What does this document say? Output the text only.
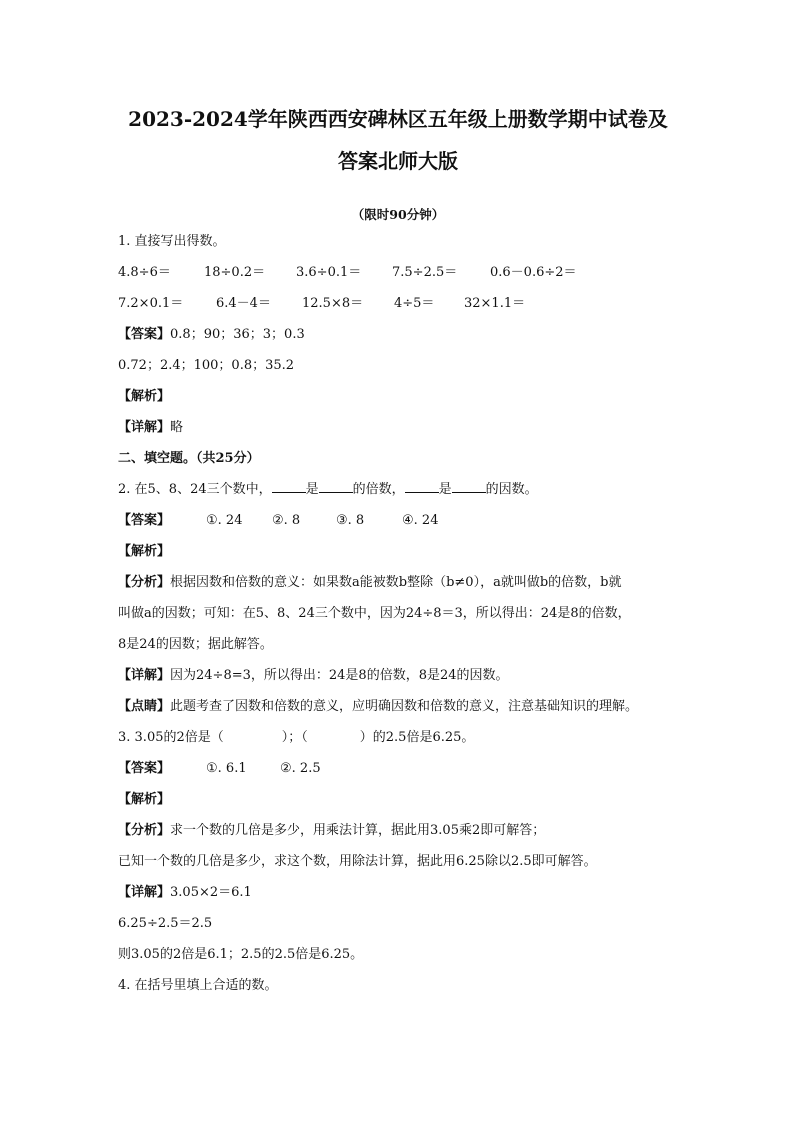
2023-2024学年陕西西安碑林区五年级上册数学期中试卷及
答案北师大版
（限时90分钟）
1. 直接写出得数。
4.8÷6＝	18÷0.2＝	3.6÷0.1＝	7.5÷2.5＝	0.6－0.6÷2＝
7.2×0.1＝	6.4－4＝	12.5×8＝	4÷5＝	32×1.1＝
【答案】0.8；90；36；3；0.3
0.72；2.4；100；0.8；35.2
【解析】
【详解】略
二、填空题。（共25分）
2. 在5、8、24三个数中，	是	的倍数，	是	的因数。
【答案】	①. 24	②. 8	③. 8	④. 24
【解析】
【分析】根据因数和倍数的意义：如果数a能被数b整除（b≠0），a就叫做b的倍数，b就
叫做a的因数；可知：在5、8、24三个数中，因为24÷8＝3，所以得出：24是8的倍数，
8是24的因数；据此解答。
【详解】因为24÷8=3，所以得出：24是8的倍数，8是24的因数。
【点睛】此题考查了因数和倍数的意义，应明确因数和倍数的意义，注意基础知识的理解。
3. 3.05的2倍是（	）；（	）的2.5倍是6.25。
【答案】	①. 6.1	②. 2.5
【解析】
【分析】求一个数的几倍是多少，用乘法计算，据此用3.05乘2即可解答；
已知一个数的几倍是多少，求这个数，用除法计算，据此用6.25除以2.5即可解答。
【详解】3.05×2＝6.1
6.25÷2.5＝2.5
则3.05的2倍是6.1；2.5的2.5倍是6.25。
4. 在括号里填上合适的数。
